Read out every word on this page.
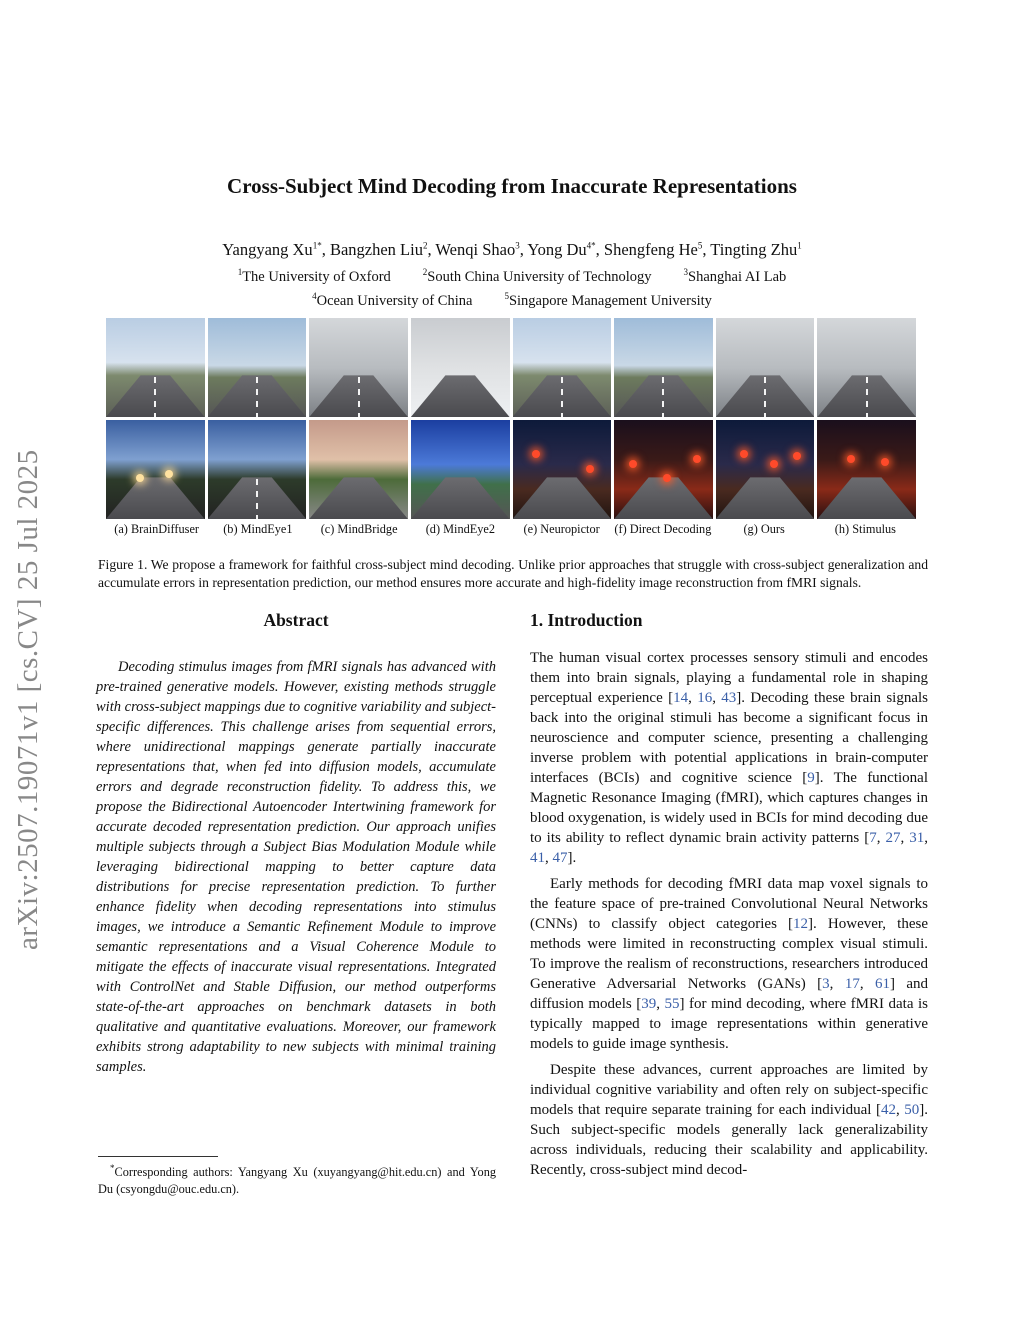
arXiv:2507.19071v1 [cs.CV] 25 Jul 2025
Cross-Subject Mind Decoding from Inaccurate Representations
Yangyang $Xu^{1*}$, Bangzhen Liu$^2$, Wenqi Shao$^3$, Yong $Du^{4*}$, Shengfeng He$^5$, Tingting Zhu$^1$
$^1$The University of Oxford	$^2$South China University of Technology	$^3$Shanghai AI Lab
$^4$Ocean University of China	$^5$Singapore Management University
(a) BrainDiffuser	(b) MindEye1	(c) MindBridge	(d) MindEye2	(e) Neuropictor	(f) Direct Decoding	(g) Ours	(h) Stimulus
Figure 1. We propose a framework for faithful cross-subject mind decoding. Unlike prior approaches that struggle with cross-subject generalization and accumulate errors in representation prediction, our method ensures more accurate and high-fidelity image reconstruction from fMRI signals.
Abstract

Decoding stimulus images from fMRI signals has advanced with pre-trained generative models. However, existing methods struggle with cross-subject mappings due to cognitive variability and subject-specific differences. This challenge arises from sequential errors, where unidirectional mappings generate partially inaccurate representations that, when fed into diffusion models, accumulate errors and degrade reconstruction fidelity. To address this, we propose the Bidirectional Autoencoder Intertwining framework for accurate decoded representation prediction. Our approach unifies multiple subjects through a Subject Bias Modulation Module while leveraging bidirectional mapping to better capture data distributions for precise representation prediction. To further enhance fidelity when decoding representations into stimulus images, we introduce a Semantic Refinement Module to improve semantic representations and a Visual Coherence Module to mitigate the effects of inaccurate visual representations. Integrated with ControlNet and Stable Diffusion, our method outperforms state-of-the-art approaches on benchmark datasets in both qualitative and quantitative evaluations. Moreover, our framework exhibits strong adaptability to new subjects with minimal training samples.

*Corresponding authors: Yangyang Xu (xuyangyang@hit.edu.cn) and Yong Du (csyongdu@ouc.edu.cn).
1. Introduction

The human visual cortex processes sensory stimuli and encodes them into brain signals, playing a fundamental role in shaping perceptual experience [14, 16, 43]. Decoding these brain signals back into the original stimuli has become a significant focus in neuroscience and computer science, presenting a challenging inverse problem with potential applications in brain-computer interfaces (BCIs) and cognitive science [9]. The functional Magnetic Resonance Imaging (fMRI), which captures changes in blood oxygenation, is widely used in BCIs for mind decoding due to its ability to reflect dynamic brain activity patterns [7, 27, 31, 41, 47].

Early methods for decoding fMRI data map voxel signals to the feature space of pre-trained Convolutional Neural Networks (CNNs) to classify object categories [12]. However, these methods were limited in reconstructing complex visual stimuli. To improve the realism of reconstructions, researchers introduced Generative Adversarial Networks (GANs) [3, 17, 61] and diffusion models [39, 55] for mind decoding, where fMRI data is typically mapped to image representations within generative models to guide image synthesis.

Despite these advances, current approaches are limited by individual cognitive variability and often rely on subject-specific models that require separate training for each individual [42, 50]. Such subject-specific models generally lack generalizability across individuals, reducing their scalability and applicability. Recently, cross-subject mind decod-
